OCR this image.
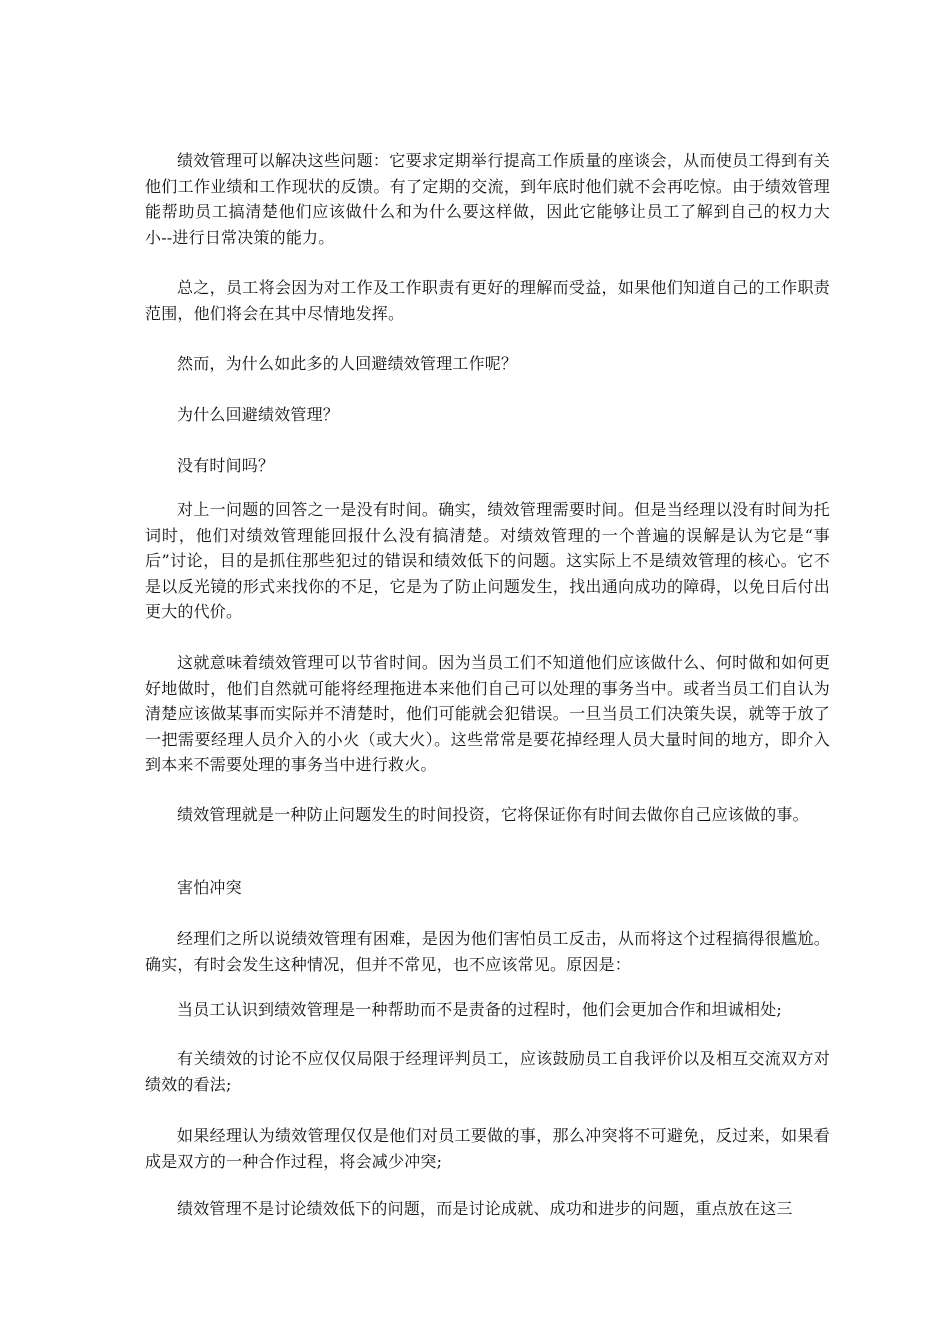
绩效管理可以解决这些问题：它要求定期举行提高工作质量的座谈会，从而使员工得到有关他们工作业绩和工作现状的反馈。有了定期的交流，到年底时他们就不会再吃惊。由于绩效管理能帮助员工搞清楚他们应该做什么和为什么要这样做，因此它能够让员工了解到自己的权力大小--进行日常决策的能力。

总之，员工将会因为对工作及工作职责有更好的理解而受益，如果他们知道自己的工作职责范围，他们将会在其中尽情地发挥。

然而，为什么如此多的人回避绩效管理工作呢？

为什么回避绩效管理？

没有时间吗？

对上一问题的回答之一是没有时间。确实，绩效管理需要时间。但是当经理以没有时间为托词时，他们对绩效管理能回报什么没有搞清楚。对绩效管理的一个普遍的误解是认为它是“事后”讨论，目的是抓住那些犯过的错误和绩效低下的问题。这实际上不是绩效管理的核心。它不是以反光镜的形式来找你的不足，它是为了防止问题发生，找出通向成功的障碍，以免日后付出更大的代价。

这就意味着绩效管理可以节省时间。因为当员工们不知道他们应该做什么、何时做和如何更好地做时，他们自然就可能将经理拖进本来他们自己可以处理的事务当中。或者当员工们自认为清楚应该做某事而实际并不清楚时，他们可能就会犯错误。一旦当员工们决策失误，就等于放了一把需要经理人员介入的小火（或大火）。这些常常是要花掉经理人员大量时间的地方，即介入到本来不需要处理的事务当中进行救火。

绩效管理就是一种防止问题发生的时间投资，它将保证你有时间去做你自己应该做的事。

害怕冲突

经理们之所以说绩效管理有困难，是因为他们害怕员工反击，从而将这个过程搞得很尴尬。确实，有时会发生这种情况，但并不常见，也不应该常见。原因是：

当员工认识到绩效管理是一种帮助而不是责备的过程时，他们会更加合作和坦诚相处;

有关绩效的讨论不应仅仅局限于经理评判员工，应该鼓励员工自我评价以及相互交流双方对绩效的看法;

如果经理认为绩效管理仅仅是他们对员工要做的事，那么冲突将不可避免，反过来，如果看成是双方的一种合作过程，将会减少冲突;

绩效管理不是讨论绩效低下的问题，而是讨论成就、成功和进步的问题，重点放在这三
